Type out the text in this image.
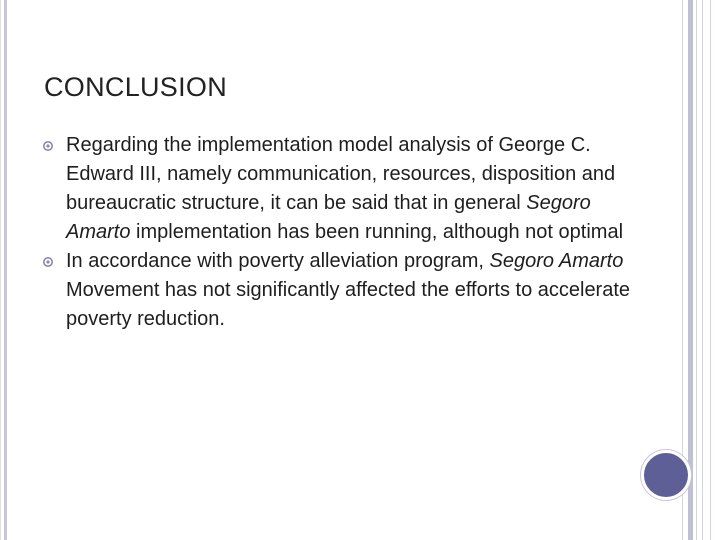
CONCLUSION
Regarding the implementation model analysis of George C. Edward III, namely communication, resources, disposition and bureaucratic structure, it can be said that in general Segoro Amarto implementation has been running, although not optimal
In accordance with poverty alleviation program, Segoro Amarto Movement has not significantly affected the efforts to accelerate poverty reduction.
